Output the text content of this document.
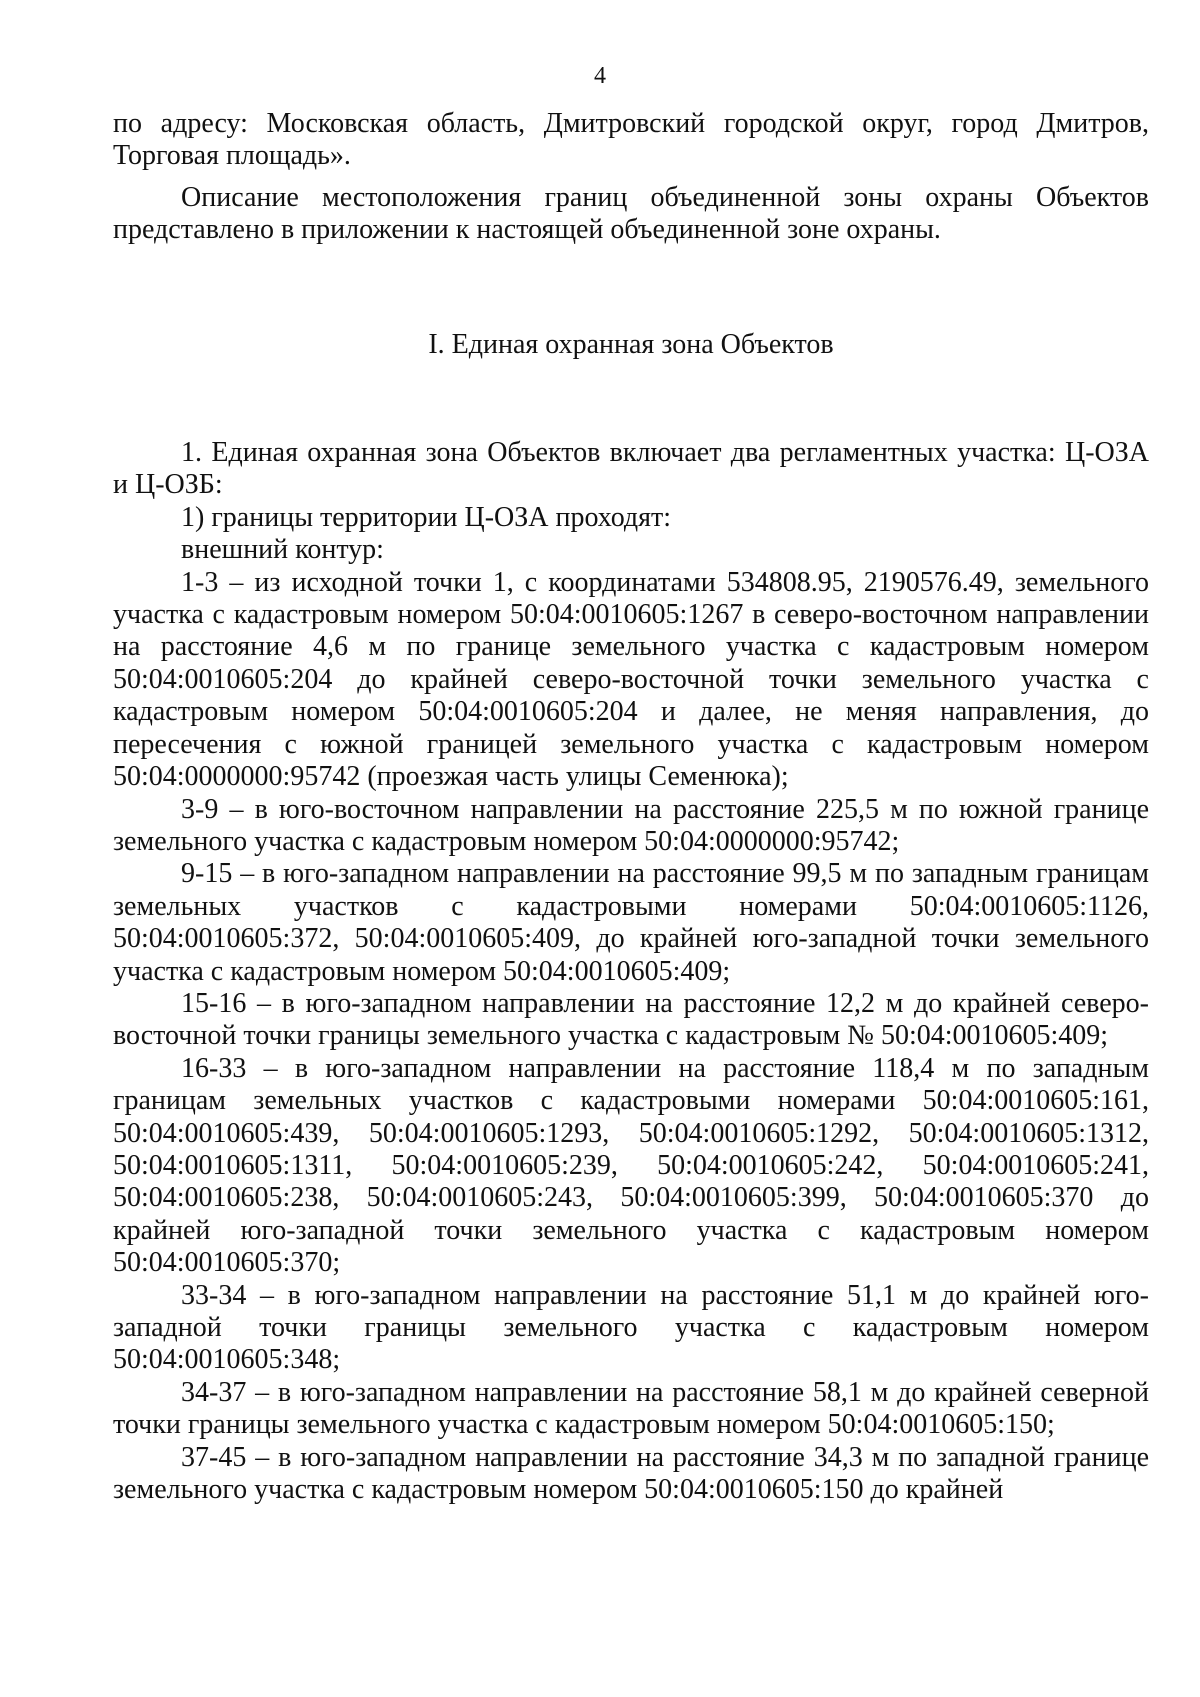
4

по адресу: Московская область, Дмитровский городской округ, город Дмитров, Торговая площадь».

Описание местоположения границ объединенной зоны охраны Объектов представлено в приложении к настоящей объединенной зоне охраны.

I. Единая охранная зона Объектов

1. Единая охранная зона Объектов включает два регламентных участка: Ц-ОЗА и Ц-ОЗБ:

1) границы территории Ц-ОЗА проходят:

внешний контур:

1-3 – из исходной точки 1, с координатами 534808.95, 2190576.49, земельного участка с кадастровым номером 50:04:0010605:1267 в северо-восточном направлении на расстояние 4,6 м по границе земельного участка с кадастровым номером 50:04:0010605:204 до крайней северо-восточной точки земельного участка с кадастровым номером 50:04:0010605:204 и далее, не меняя направления, до пересечения с южной границей земельного участка с кадастровым номером 50:04:0000000:95742 (проезжая часть улицы Семенюка);

3-9 – в юго-восточном направлении на расстояние 225,5 м по южной границе земельного участка с кадастровым номером 50:04:0000000:95742;

9-15 – в юго-западном направлении на расстояние 99,5 м по западным границам земельных участков с кадастровыми номерами 50:04:0010605:1126, 50:04:0010605:372, 50:04:0010605:409, до крайней юго-западной точки земельного участка с кадастровым номером 50:04:0010605:409;

15-16 – в юго-западном направлении на расстояние 12,2 м до крайней северо-восточной точки границы земельного участка с кадастровым № 50:04:0010605:409;

16-33 – в юго-западном направлении на расстояние 118,4 м по западным границам земельных участков с кадастровыми номерами 50:04:0010605:161, 50:04:0010605:439, 50:04:0010605:1293, 50:04:0010605:1292, 50:04:0010605:1312, 50:04:0010605:1311, 50:04:0010605:239, 50:04:0010605:242, 50:04:0010605:241, 50:04:0010605:238, 50:04:0010605:243, 50:04:0010605:399, 50:04:0010605:370 до крайней юго-западной точки земельного участка с кадастровым номером 50:04:0010605:370;

33-34 – в юго-западном направлении на расстояние 51,1 м до крайней юго-западной точки границы земельного участка с кадастровым номером 50:04:0010605:348;

34-37 – в юго-западном направлении на расстояние 58,1 м до крайней северной точки границы земельного участка с кадастровым номером 50:04:0010605:150;

37-45 – в юго-западном направлении на расстояние 34,3 м по западной границе земельного участка с кадастровым номером 50:04:0010605:150 до крайней
